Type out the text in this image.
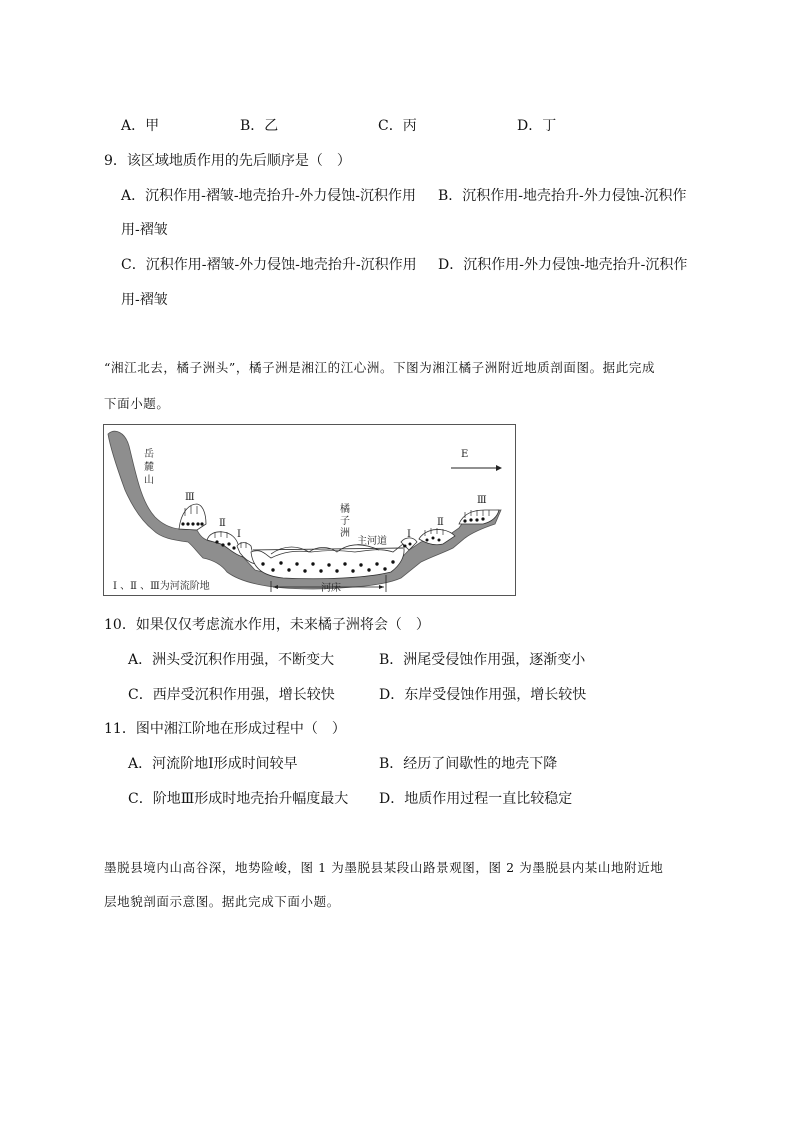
A．甲	B．乙	C．丙	D．丁
9．该区域地质作用的先后顺序是（　）
A．沉积作用-褶皱-地壳抬升-外力侵蚀-沉积作用 B．沉积作用-地壳抬升-外力侵蚀-沉积作
用-褶皱
C．沉积作用-褶皱-外力侵蚀-地壳抬升-沉积作用 D．沉积作用-外力侵蚀-地壳抬升-沉积作
用-褶皱
“湘江北去，橘子洲头”，橘子洲是湘江的江心洲。下图为湘江橘子洲附近地质剖面图。据此完成
下面小题。
岳
麓
山
E
橘
子
洲
主河道
Ⅲ
Ⅱ
Ⅰ	Ⅰ
Ⅱ
Ⅲ
河床
Ⅰ 、Ⅱ 、Ⅲ为河流阶地
10．如果仅仅考虑流水作用，未来橘子洲将会（　）
A．洲头受沉积作用强，不断变大	B．洲尾受侵蚀作用强，逐渐变小
C．西岸受沉积作用强，增长较快	D．东岸受侵蚀作用强，增长较快
11．图中湘江阶地在形成过程中（　）
A．河流阶地Ⅰ形成时间较早	B．经历了间歇性的地壳下降
C．阶地Ⅲ形成时地壳抬升幅度最大 D．地质作用过程一直比较稳定
墨脱县境内山高谷深，地势险峻，图 1 为墨脱县某段山路景观图，图 2 为墨脱县内某山地附近地
层地貌剖面示意图。据此完成下面小题。
